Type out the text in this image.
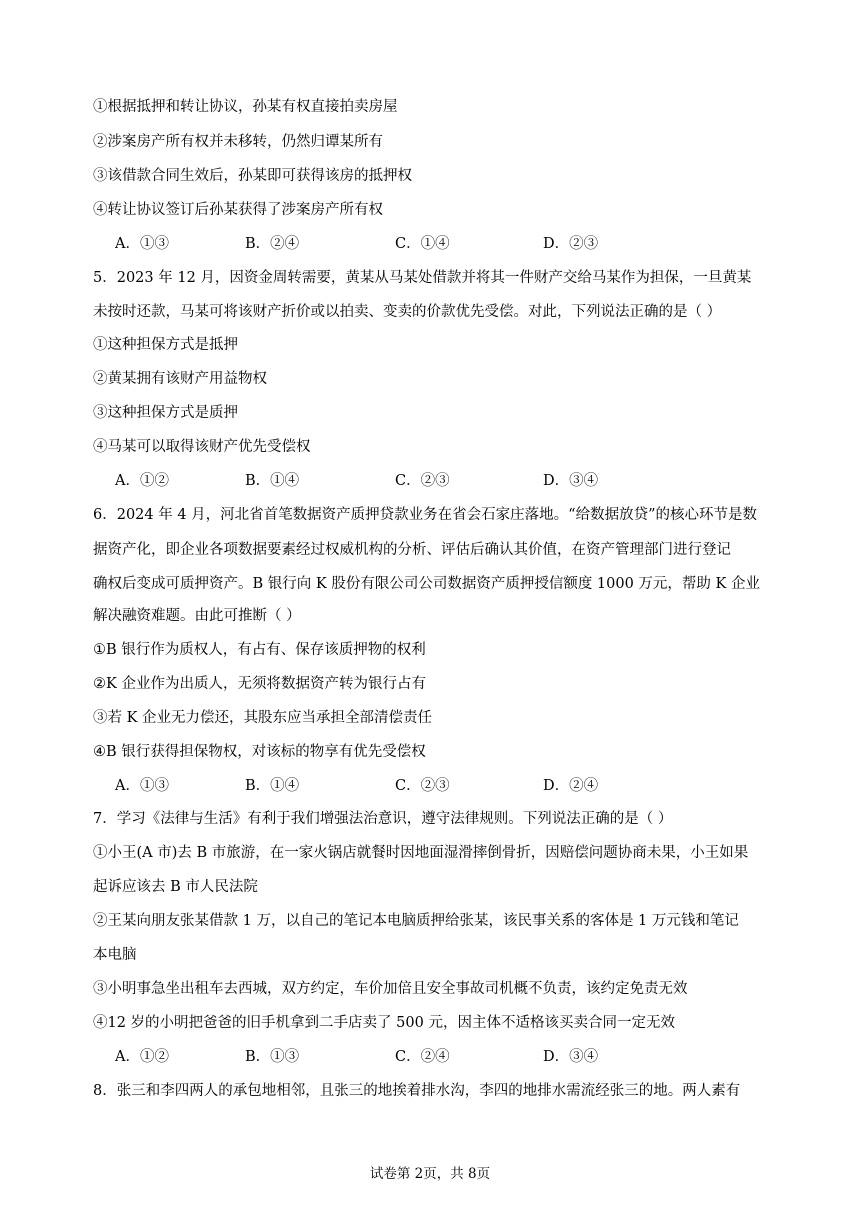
①根据抵押和转让协议，孙某有权直接拍卖房屋
②涉案房产所有权并未移转，仍然归谭某所有
③该借款合同生效后，孙某即可获得该房的抵押权
④转让协议签订后孙某获得了涉案房产所有权
A．①③	B．②④	C．①④	D．②③
5．2023 年 12 月，因资金周转需要，黄某从马某处借款并将其一件财产交给马某作为担保，一旦黄某
未按时还款，马某可将该财产折价或以拍卖、变卖的价款优先受偿。对此，下列说法正确的是（ ）
①这种担保方式是抵押
②黄某拥有该财产用益物权
③这种担保方式是质押
④马某可以取得该财产优先受偿权
A．①②	B．①④	C．②③	D．③④
6．2024 年 4 月，河北省首笔数据资产质押贷款业务在省会石家庄落地。“给数据放贷”的核心环节是数
据资产化，即企业各项数据要素经过权威机构的分析、评估后确认其价值，在资产管理部门进行登记
确权后变成可质押资产。B 银行向 K 股份有限公司公司数据资产质押授信额度 1000 万元，帮助 K 企业
解决融资难题。由此可推断（ ）
①B 银行作为质权人，有占有、保存该质押物的权利
②K 企业作为出质人，无须将数据资产转为银行占有
③若 K 企业无力偿还，其股东应当承担全部清偿责任
④B 银行获得担保物权，对该标的物享有优先受偿权
A．①③	B．①④	C．②③	D．②④
7．学习《法律与生活》有利于我们增强法治意识，遵守法律规则。下列说法正确的是（ ）
①小王(A 市)去 B 市旅游，在一家火锅店就餐时因地面湿滑摔倒骨折，因赔偿问题协商未果，小王如果
起诉应该去 B 市人民法院
②王某向朋友张某借款 1 万，以自己的笔记本电脑质押给张某，该民事关系的客体是 1 万元钱和笔记
本电脑
③小明事急坐出租车去西城，双方约定，车价加倍且安全事故司机概不负责，该约定免责无效
④12 岁的小明把爸爸的旧手机拿到二手店卖了 500 元，因主体不适格该买卖合同一定无效
A．①②	B．①③	C．②④	D．③④
8．张三和李四两人的承包地相邻，且张三的地挨着排水沟，李四的地排水需流经张三的地。两人素有
试卷第 2页，共 8页
